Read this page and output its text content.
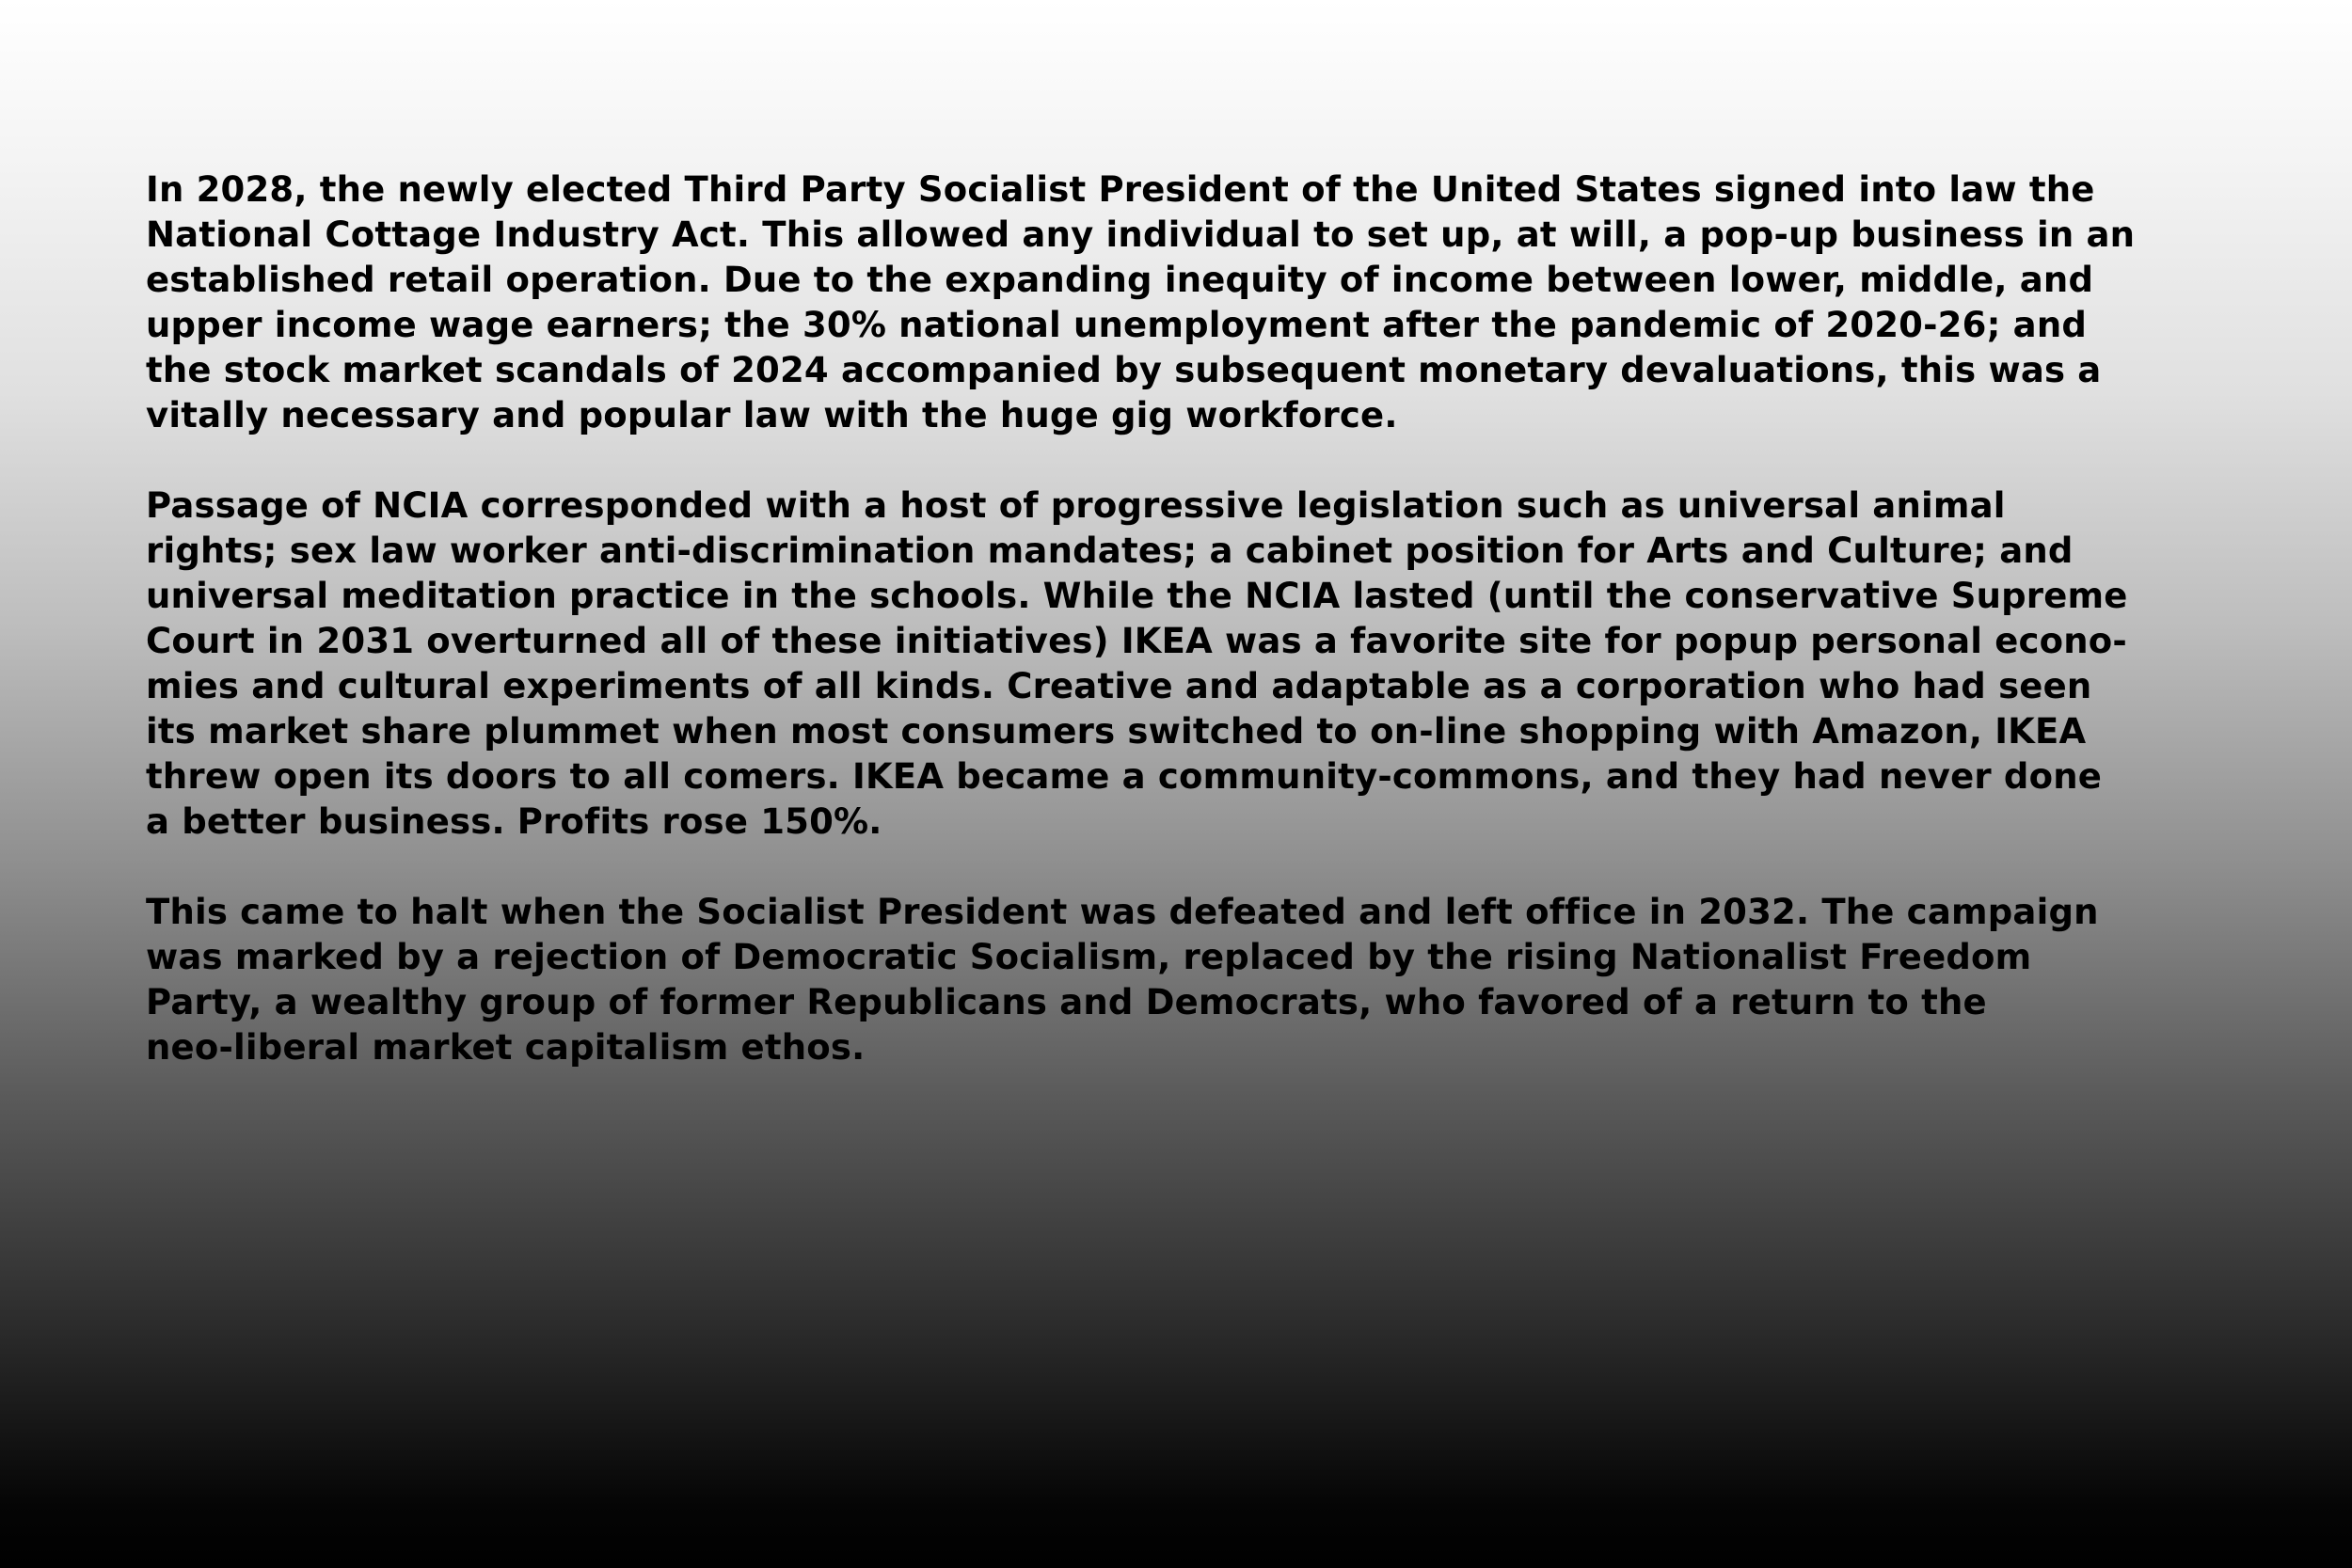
In 2028, the newly elected Third Party Socialist President of the United States signed into law the
National Cottage Industry Act. This allowed any individual to set up, at will, a pop-up business in an
established retail operation. Due to the expanding inequity of income between lower, middle, and
upper income wage earners; the 30% national unemployment after the pandemic of 2020-26; and
the stock market scandals of 2024 accompanied by subsequent monetary devaluations, this was a
vitally necessary and popular law with the huge gig workforce.

Passage of NCIA corresponded with a host of progressive legislation such as universal animal
rights; sex law worker anti-discrimination mandates; a cabinet position for Arts and Culture; and
universal meditation practice in the schools. While the NCIA lasted (until the conservative Supreme
Court in 2031 overturned all of these initiatives) IKEA was a favorite site for popup personal econo-
mies and cultural experiments of all kinds. Creative and adaptable as a corporation who had seen
its market share plummet when most consumers switched to on-line shopping with Amazon, IKEA
threw open its doors to all comers. IKEA became a community-commons, and they had never done
a better business. Profits rose 150%.

This came to halt when the Socialist President was defeated and left office in 2032. The campaign
was marked by a rejection of Democratic Socialism, replaced by the rising Nationalist Freedom
Party, a wealthy group of former Republicans and Democrats, who favored of a return to the
neo-liberal market capitalism ethos.
